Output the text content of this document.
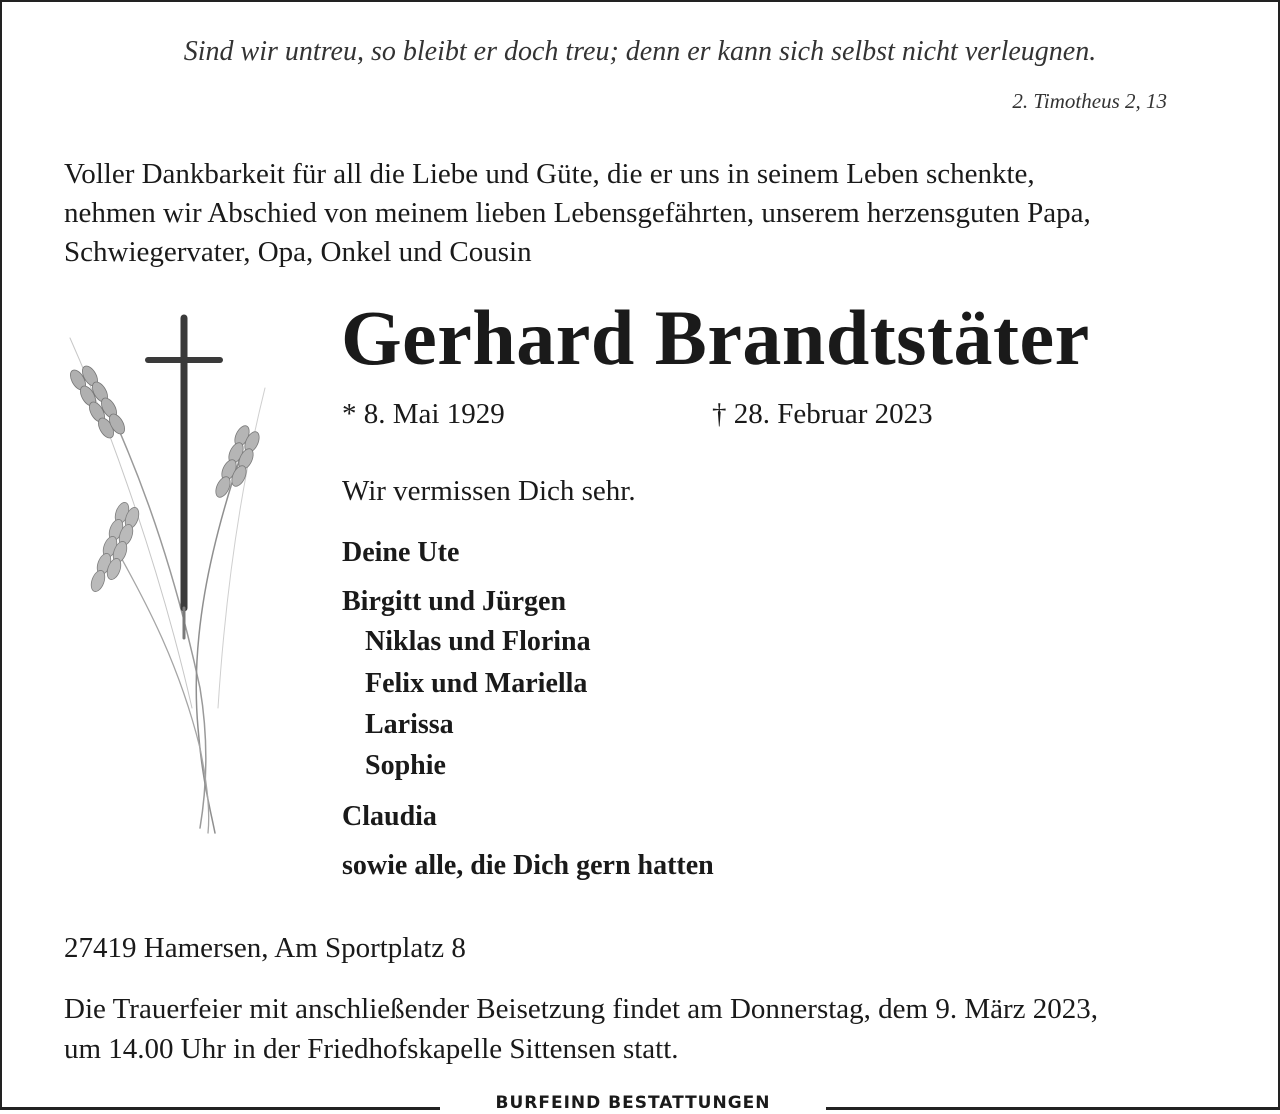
Sind wir untreu, so bleibt er doch treu; denn er kann sich selbst nicht verleugnen.
2. Timotheus 2, 13
Voller Dankbarkeit für all die Liebe und Güte, die er uns in seinem Leben schenkte,
nehmen wir Abschied von meinem lieben Lebensgefährten, unserem herzensguten Papa,
Schwiegervater, Opa, Onkel und Cousin
Gerhard Brandtstäter
* 8. Mai 1929	† 28. Februar 2023
Wir vermissen Dich sehr.
Deine Ute
Birgitt und Jürgen
Niklas und Florina
Felix und Mariella
Larissa
Sophie
Claudia
sowie alle, die Dich gern hatten
27419 Hamersen, Am Sportplatz 8
Die Trauerfeier mit anschließender Beisetzung findet am Donnerstag, dem 9. März 2023,
um 14.00 Uhr in der Friedhofskapelle Sittensen statt.
BURFEIND BESTATTUNGEN
